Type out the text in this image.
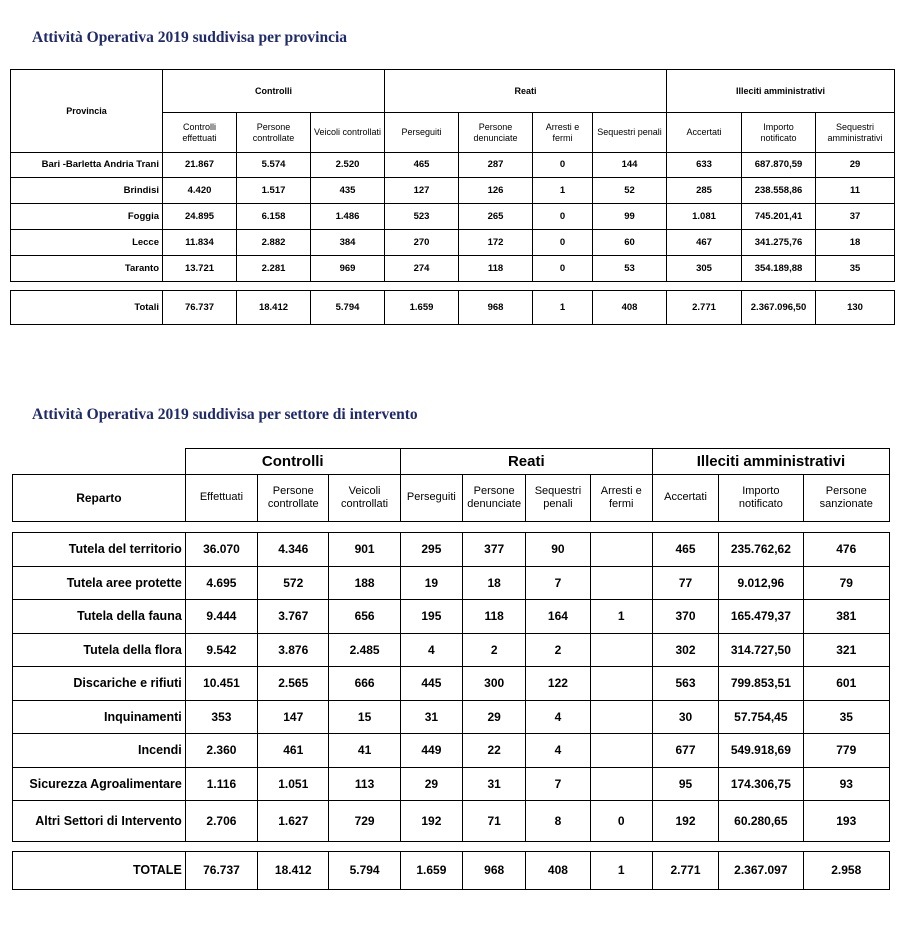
Attività Operativa 2019 suddivisa per provincia
Provincia	Controlli			Reati				Illeciti amministrativi		
	Controlli effettuati	Persone controllate	Veicoli controllati	Perseguiti	Persone denunciate	Arresti e fermi	Sequestri penali	Accertati	Importo notificato	Sequestri amministrativi
Bari -Barletta Andria Trani	21.867	5.574	2.520	465	287	0	144	633	687.870,59	29
Brindisi	4.420	1.517	435	127	126	1	52	285	238.558,86	11
Foggia	24.895	6.158	1.486	523	265	0	99	1.081	745.201,41	37
Lecce	11.834	2.882	384	270	172	0	60	467	341.275,76	18
Taranto	13.721	2.281	969	274	118	0	53	305	354.189,88	35

Totali	76.737	18.412	5.794	1.659	968	1	408	2.771	2.367.096,50	130
Attività Operativa 2019 suddivisa per settore di intervento
	Controlli			Reati				Illeciti amministrativi		
Reparto	Effettuati	Persone controllate	Veicoli controllati	Perseguiti	Persone denunciate	Sequestri penali	Arresti e fermi	Accertati	Importo notificato	Persone sanzionate

Tutela del territorio	36.070	4.346	901	295	377	90		465	235.762,62	476
Tutela aree protette	4.695	572	188	19	18	7		77	9.012,96	79
Tutela della fauna	9.444	3.767	656	195	118	164	1	370	165.479,37	381
Tutela della flora	9.542	3.876	2.485	4	2	2		302	314.727,50	321
Discariche e rifiuti	10.451	2.565	666	445	300	122		563	799.853,51	601
Inquinamenti	353	147	15	31	29	4		30	57.754,45	35
Incendi	2.360	461	41	449	22	4		677	549.918,69	779
Sicurezza Agroalimentare	1.116	1.051	113	29	31	7		95	174.306,75	93
Altri Settori di Intervento	2.706	1.627	729	192	71	8	0	192	60.280,65	193

TOTALE	76.737	18.412	5.794	1.659	968	408	1	2.771	2.367.097	2.958
